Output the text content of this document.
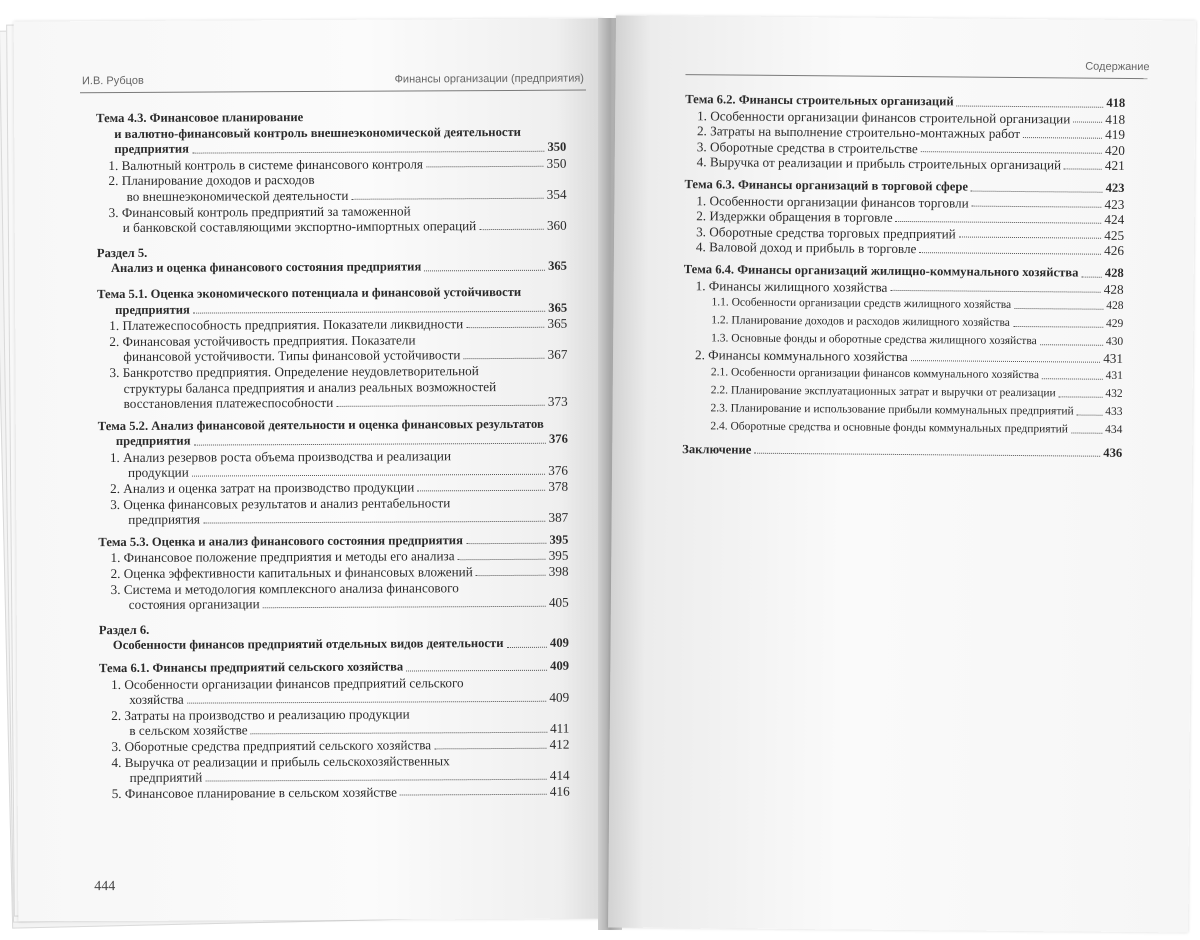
И.В. Рубцов	Финансы организации (предприятия)
Тема 4.3. Финансовое планирование
и валютно-финансовый контроль внешнеэкономической деятельности
предприятия	350
1. Валютный контроль в системе финансового контроля	350
2. Планирование доходов и расходов
во внешнеэкономической деятельности	354
3. Финансовый контроль предприятий за таможенной
и банковской составляющими экспортно-импортных операций	360
Раздел 5.
Анализ и оценка финансового состояния предприятия	365
Тема 5.1. Оценка экономического потенциала и финансовой устойчивости
предприятия	365
1. Платежеспособность предприятия. Показатели ликвидности	365
2. Финансовая устойчивость предприятия. Показатели
финансовой устойчивости. Типы финансовой устойчивости	367
3. Банкротство предприятия. Определение неудовлетворительной
структуры баланса предприятия и анализ реальных возможностей
восстановления платежеспособности	373
Тема 5.2. Анализ финансовой деятельности и оценка финансовых результатов
предприятия	376
1. Анализ резервов роста объема производства и реализации
продукции	376
2. Анализ и оценка затрат на производство продукции	378
3. Оценка финансовых результатов и анализ рентабельности
предприятия	387
Тема 5.3. Оценка и анализ финансового состояния предприятия	395
1. Финансовое положение предприятия и методы его анализа	395
2. Оценка эффективности капитальных и финансовых вложений	398
3. Система и методология комплексного анализа финансового
состояния организации	405
Раздел 6.
Особенности финансов предприятий отдельных видов деятельности	409
Тема 6.1. Финансы предприятий сельского хозяйства	409
1. Особенности организации финансов предприятий сельского
хозяйства	409
2. Затраты на производство и реализацию продукции
в сельском хозяйстве	411
3. Оборотные средства предприятий сельского хозяйства	412
4. Выручка от реализации и прибыль сельскохозяйственных
предприятий	414
5. Финансовое планирование в сельском хозяйстве	416
444
Содержание
Тема 6.2. Финансы строительных организаций	418
1. Особенности организации финансов строительной организации	418
2. Затраты на выполнение строительно-монтажных работ	419
3. Оборотные средства в строительстве	420
4. Выручка от реализации и прибыль строительных организаций	421
Тема 6.3. Финансы организаций в торговой сфере	423
1. Особенности организации финансов торговли	423
2. Издержки обращения в торговле	424
3. Оборотные средства торговых предприятий	425
4. Валовой доход и прибыль в торговле	426
Тема 6.4. Финансы организаций жилищно-коммунального хозяйства 428
1. Финансы жилищного хозяйства	428
1.1. Особенности организации средств жилищного хозяйства	428
1.2. Планирование доходов и расходов жилищного хозяйства	429
1.3. Основные фонды и оборотные средства жилищного хозяйства	430
2. Финансы коммунального хозяйства	431
2.1. Особенности организации финансов коммунального хозяйства	431
2.2. Планирование эксплуатационных затрат и выручки от реализации	432
2.3. Планирование и использование прибыли коммунальных предприятий	433
2.4. Оборотные средства и основные фонды коммунальных предприятий	434
Заключение	436
